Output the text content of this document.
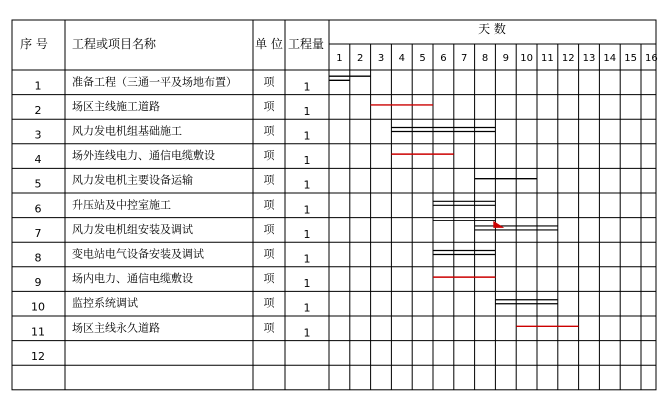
序 号 工程或项目名称	单 位 工程量
天 数
1 2 3 4 5 6 7 8 9 10 11 12 13 14 15 16
1	准备工程（三通一平及场地布置） 项	1
2	场区主线施工道路	项	1
3	风力发电机组基础施工	项	1
4	场外连线电力、通信电缆敷设	项	1
5	风力发电机主要设备运输	项	1
6	升压站及中控室施工	项	1
7	风力发电机组安装及调试	项	1
8	变电站电气设备安装及调试	项	1
9	场内电力、通信电缆敷设	项	1
10 监控系统调试	项	1
11 场区主线永久道路	项	1
12
